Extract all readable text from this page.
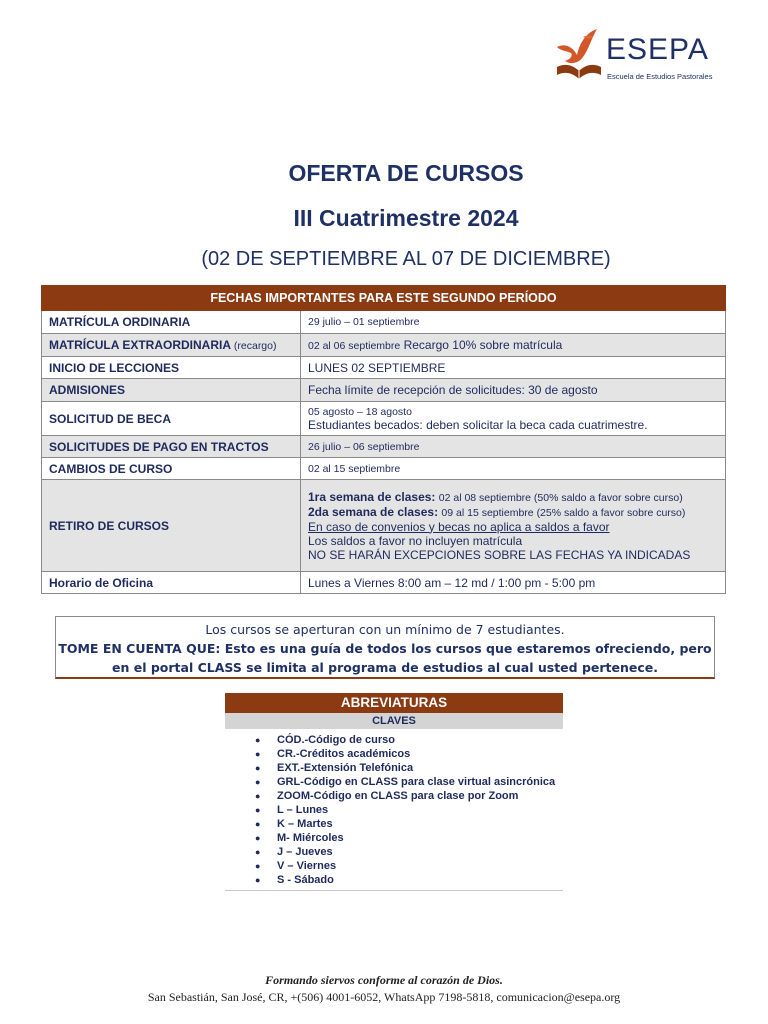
ESEPA
Escuela de Estudios Pastorales
OFERTA DE CURSOS
III Cuatrimestre 2024
(02 DE SEPTIEMBRE AL 07 DE DICIEMBRE)
FECHAS IMPORTANTES PARA ESTE SEGUNDO PERÍODO	
MATRÍCULA ORDINARIA	29 julio – 01 septiembre
MATRÍCULA EXTRAORDINARIA (recargo)	02 al 06 septiembre Recargo 10% sobre matrícula
INICIO DE LECCIONES	LUNES 02 SEPTIEMBRE
ADMISIONES	Fecha límite de recepción de solicitudes: 30 de agosto
SOLICITUD DE BECA	05 agosto – 18 agosto
Estudiantes becados: deben solicitar la beca cada cuatrimestre.

SOLICITUDES DE PAGO EN TRACTOS	26 julio – 06 septiembre
CAMBIOS DE CURSO	02 al 15 septiembre
RETIRO DE CURSOS	1ra semana de clases: 02 al 08 septiembre (50% saldo a favor sobre curso)
2da semana de clases: 09 al 15 septiembre (25% saldo a favor sobre curso)
En caso de convenios y becas no aplica a saldos a favor
Los saldos a favor no incluyen matrícula
NO SE HARÁN EXCEPCIONES SOBRE LAS FECHAS YA INDICADAS

Horario de Oficina	Lunes a Viernes 8:00 am – 12 md / 1:00 pm - 5:00 pm
Los cursos se aperturan con un mínimo de 7 estudiantes.
TOME EN CUENTA QUE: Esto es una guía de todos los cursos que estaremos ofreciendo, pero
en el portal CLASS se limita al programa de estudios al cual usted pertenece.
ABREVIATURAS
CLAVES
● CÓD.-Código de curso
● CR.-Créditos académicos
● EXT.-Extensión Telefónica
● GRL-Código en CLASS para clase virtual asincrónica
● ZOOM-Código en CLASS para clase por Zoom
● L – Lunes
● K – Martes
● M- Miércoles
● J – Jueves
● V – Viernes
● S - Sábado
Formando siervos conforme al corazón de Dios.
San Sebastián, San José, CR, +(506) 4001-6052, WhatsApp 7198-5818, comunicacion@esepa.org
